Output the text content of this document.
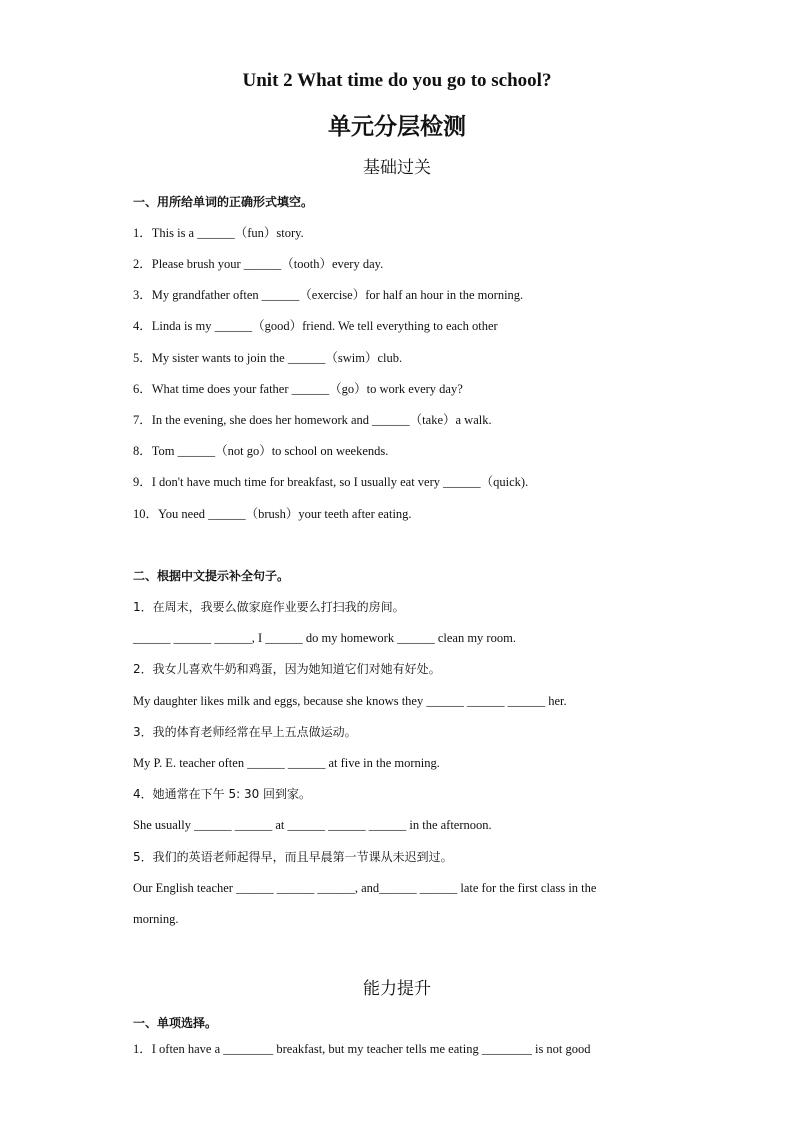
Unit 2 What time do you go to school?
单元分层检测
基础过关
一、用所给单词的正确形式填空。
1．This is a ______（fun）story.
2．Please brush your ______（tooth）every day.
3．My grandfather often ______（exercise）for half an hour in the morning.
4．Linda is my ______（good）friend. We tell everything to each other
5．My sister wants to join the ______（swim）club.
6．What time does your father ______（go）to work every day?
7．In the evening, she does her homework and ______（take）a walk.
8．Tom ______（not go）to school on weekends.
9．I don't have much time for breakfast, so I usually eat very ______（quick).
10．You need ______（brush）your teeth after eating.
二、根据中文提示补全句子。
1．在周末，我要么做家庭作业要么打扫我的房间。
______ ______ ______, I ______ do my homework ______ clean my room.
2．我女儿喜欢牛奶和鸡蛋，因为她知道它们对她有好处。
My daughter likes milk and eggs, because she knows they ______ ______ ______ her.
3．我的体育老师经常在早上五点做运动。
My P. E. teacher often ______ ______ at five in the morning.
4．她通常在下午 5: 30 回到家。
She usually ______ ______ at ______ ______ ______ in the afternoon.
5．我们的英语老师起得早，而且早晨第一节课从未迟到过。
Our English teacher ______ ______ ______, and______ ______ late for the first class in the
morning.
能力提升
一、单项选择。
1．I often have a ________ breakfast, but my teacher tells me eating ________ is not good
